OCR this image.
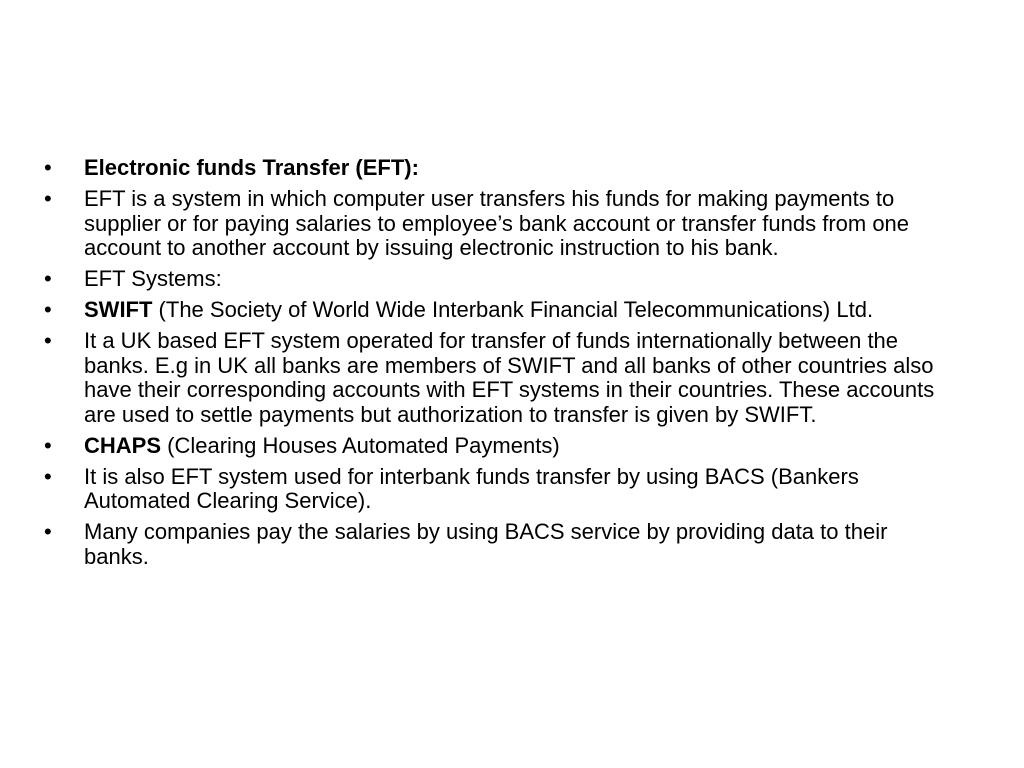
• Electronic funds Transfer (EFT):
• EFT is a system in which computer user transfers his funds for making payments to supplier or for paying salaries to employee’s bank account or transfer funds from one account to another account by issuing electronic instruction to his bank.
• EFT Systems:
• SWIFT (The Society of World Wide Interbank Financial Telecommunications) Ltd.
• It a UK based EFT system operated for transfer of funds internationally between the banks. E.g in UK all banks are members of SWIFT and all banks of other countries also have their corresponding accounts with EFT systems in their countries. These accounts are used to settle payments but authorization to transfer is given by SWIFT.
• CHAPS (Clearing Houses Automated Payments)
• It is also EFT system used for interbank funds transfer by using BACS (Bankers Automated Clearing Service).
• Many companies pay the salaries by using BACS service by providing data to their banks.
